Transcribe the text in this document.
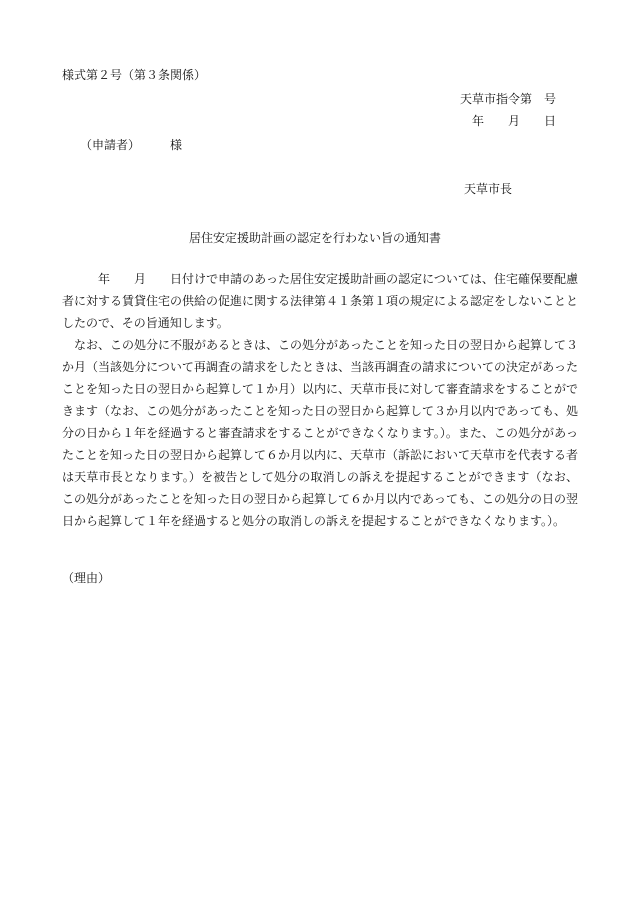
様式第２号（第３条関係）
天草市指令第　号
年　　月　　日
（申請者）	様
天草市長
居住安定援助計画の認定を行わない旨の通知書

年　　月　　日付けで申請のあった居住安定援助計画の認定については、住宅確保要配慮者に対する賃貸住宅の供給の促進に関する法律第４１条第１項の規定による認定をしないこととしたので、その旨通知します。

なお、この処分に不服があるときは、この処分があったことを知った日の翌日から起算して３か月（当該処分について再調査の請求をしたときは、当該再調査の請求についての決定があったことを知った日の翌日から起算して１か月）以内に、天草市長に対して審査請求をすることができます（なお、この処分があったことを知った日の翌日から起算して３か月以内であっても、処分の日から１年を経過すると審査請求をすることができなくなります。）。また、この処分があったことを知った日の翌日から起算して６か月以内に、天草市（訴訟において天草市を代表する者は天草市長となります。）を被告として処分の取消しの訴えを提起することができます（なお、この処分があったことを知った日の翌日から起算して６か月以内であっても、この処分の日の翌日から起算して１年を経過すると処分の取消しの訴えを提起することができなくなります。）。

（理由）
